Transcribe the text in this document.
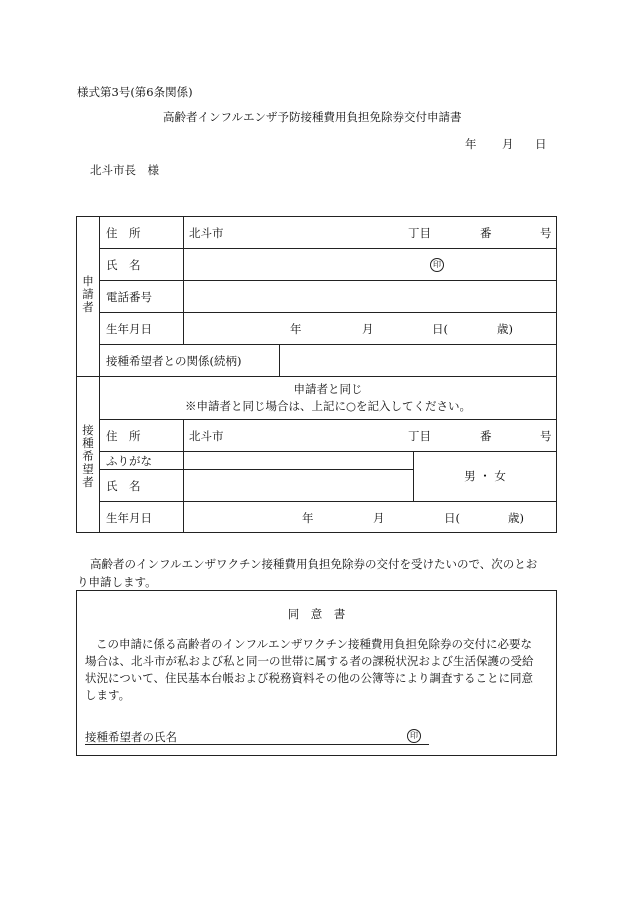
様式第3号(第6条関係)
高齢者インフルエンザ予防接種費用負担免除券交付申請書
年 月 日
北斗市長　様
申請者
接種希望者
住　所	北斗市	丁目	番	号
氏　名	印
電話番号
生年月日	年	月	日(	歳)
接種希望者との関係(続柄)
申請者と同じ
※申請者と同じ場合は、上記に○を記入してください。
住　所	北斗市	丁目	番	号
ふりがな
氏　名
男 ・ 女
生年月日	年	月	日(	歳)
高齢者のインフルエンザワクチン接種費用負担免除券の交付を受けたいので、次のとお
り申請します。
同　意　書
この申請に係る高齢者のインフルエンザワクチン接種費用負担免除券の交付に必要な
場合は、北斗市が私および私と同一の世帯に属する者の課税状況および生活保護の受給
状況について、住民基本台帳および税務資料その他の公簿等により調査することに同意
します。
接種希望者の氏名	印
